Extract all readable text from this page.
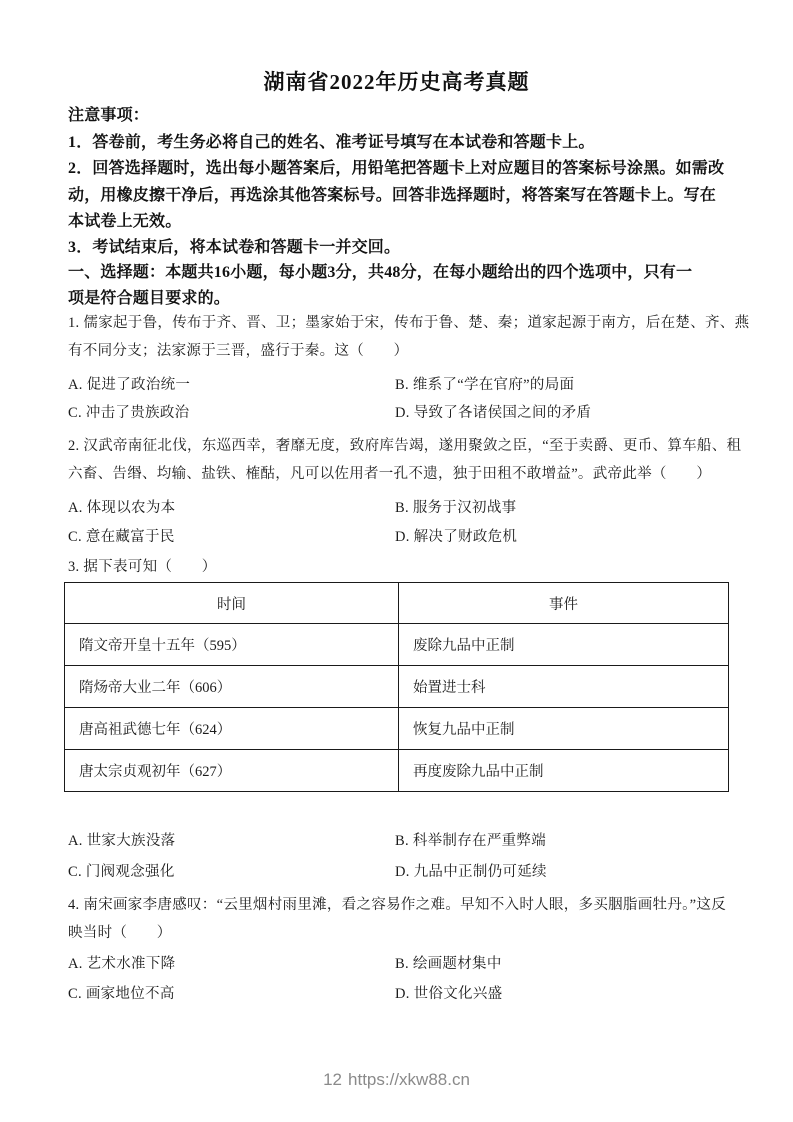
湖南省2022年历史高考真题
注意事项：
1．答卷前，考生务必将自己的姓名、准考证号填写在本试卷和答题卡上。
2．回答选择题时，选出每小题答案后，用铅笔把答题卡上对应题目的答案标号涂黑。如需改
动，用橡皮擦干净后，再选涂其他答案标号。回答非选择题时，将答案写在答题卡上。写在
本试卷上无效。
3．考试结束后，将本试卷和答题卡一并交回。
一、选择题：本题共16小题，每小题3分，共48分，在每小题给出的四个选项中，只有一
项是符合题目要求的。
1. 儒家起于鲁，传布于齐、晋、卫；墨家始于宋，传布于鲁、楚、秦；道家起源于南方，后在楚、齐、燕
有不同分支；法家源于三晋，盛行于秦。这（　　）
A. 促进了政治统一	B. 维系了“学在官府”的局面
C. 冲击了贵族政治	D. 导致了各诸侯国之间的矛盾
2. 汉武帝南征北伐，东巡西幸，奢靡无度，致府库告竭，遂用聚敛之臣，“至于卖爵、更币、算车船、租
六畜、告缗、均输、盐铁、榷酤，凡可以佐用者一孔不遗，独于田租不敢增益”。武帝此举（　　）
A. 体现以农为本	B. 服务于汉初战事
C. 意在藏富于民	D. 解决了财政危机
3. 据下表可知（　　）
时间	事件
隋文帝开皇十五年（595）	废除九品中正制
隋炀帝大业二年（606）	始置进士科
唐高祖武德七年（624）	恢复九品中正制
唐太宗贞观初年（627）	再度废除九品中正制
A. 世家大族没落	B. 科举制存在严重弊端
C. 门阀观念强化	D. 九品中正制仍可延续
4. 南宋画家李唐感叹：“云里烟村雨里滩，看之容易作之难。早知不入时人眼，多买胭脂画牡丹。”这反
映当时（　　）
A. 艺术水准下降	B. 绘画题材集中
C. 画家地位不高	D. 世俗文化兴盛
12 https://xkw88.cn
